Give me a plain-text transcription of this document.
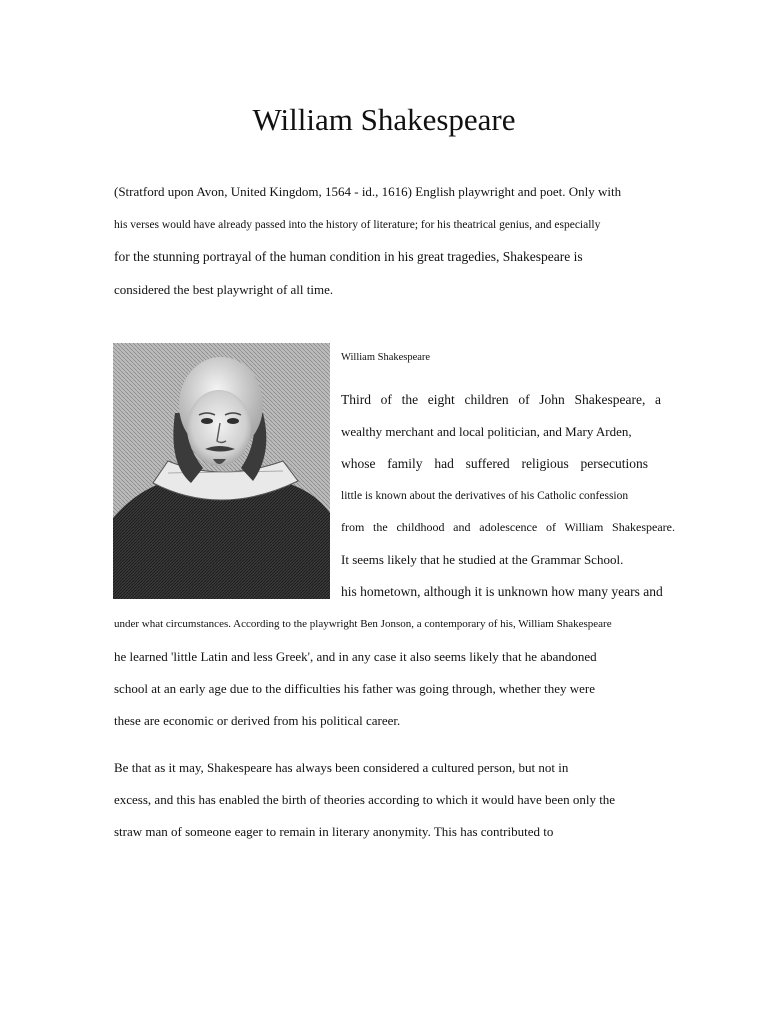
William Shakespeare
(Stratford upon Avon, United Kingdom, 1564 - id., 1616) English playwright and poet. Only with
his verses would have already passed into the history of literature; for his theatrical genius, and especially
for the stunning portrayal of the human condition in his great tragedies, Shakespeare is
considered the best playwright of all time.
William Shakespeare
Third of the eight children of John Shakespeare, a
wealthy merchant and local politician, and Mary Arden,
whose family had suffered religious persecutions
little is known about the derivatives of his Catholic confession
from the childhood and adolescence of William Shakespeare.
It seems likely that he studied at the Grammar School.
his hometown, although it is unknown how many years and
under what circumstances. According to the playwright Ben Jonson, a contemporary of his, William Shakespeare
he learned 'little Latin and less Greek', and in any case it also seems likely that he abandoned
school at an early age due to the difficulties his father was going through, whether they were
these are economic or derived from his political career.
Be that as it may, Shakespeare has always been considered a cultured person, but not in
excess, and this has enabled the birth of theories according to which it would have been only the
straw man of someone eager to remain in literary anonymity. This has contributed to
